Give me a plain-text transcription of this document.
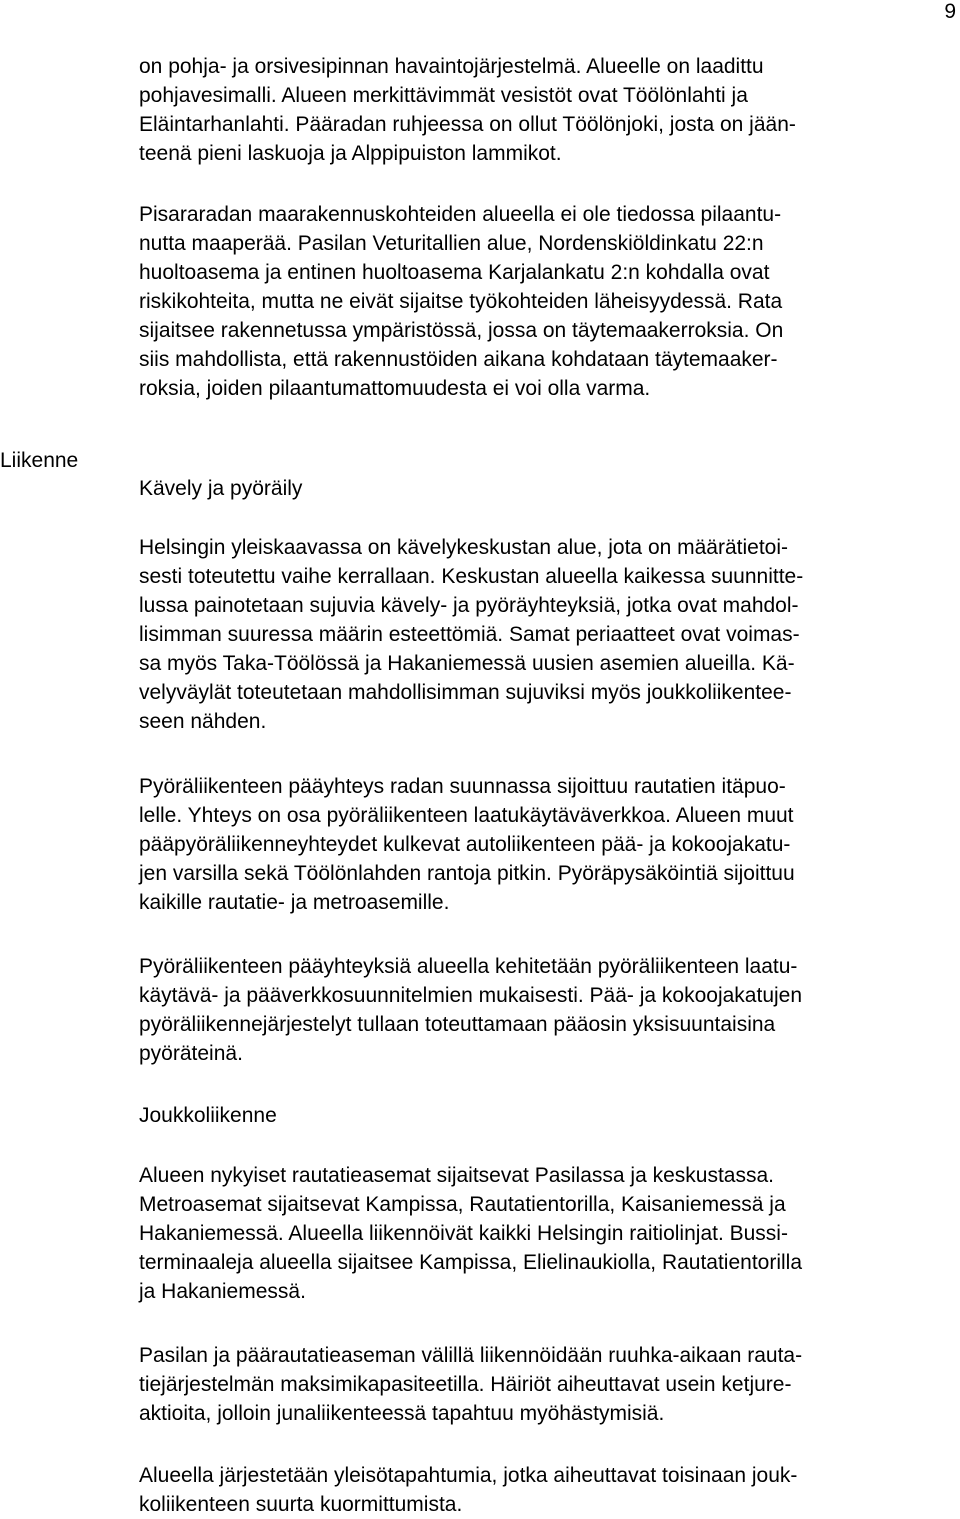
9
Liikenne

on pohja- ja orsivesipinnan havaintojärjestelmä. Alueelle on laadittu
pohjavesimalli. Alueen merkittävimmät vesistöt ovat Töölönlahti ja
Eläintarhanlahti. Pääradan ruhjeessa on ollut Töölönjoki, josta on jään-
teenä pieni laskuoja ja Alppipuiston lammikot.

Pisararadan maarakennuskohteiden alueella ei ole tiedossa pilaantu-
nutta maaperää. Pasilan Veturitallien alue, Nordenskiöldinkatu 22:n
huoltoasema ja entinen huoltoasema Karjalankatu 2:n kohdalla ovat
riskikohteita, mutta ne eivät sijaitse työkohteiden läheisyydessä. Rata
sijaitsee rakennetussa ympäristössä, jossa on täytemaakerroksia. On
siis mahdollista, että rakennustöiden aikana kohdataan täytemaaker-
roksia, joiden pilaantumattomuudesta ei voi olla varma.

Kävely ja pyöräily

Helsingin yleiskaavassa on kävelykeskustan alue, jota on määrätietoi-
sesti toteutettu vaihe kerrallaan. Keskustan alueella kaikessa suunnitte-
lussa painotetaan sujuvia kävely- ja pyöräyhteyksiä, jotka ovat mahdol-
lisimman suuressa määrin esteettömiä. Samat periaatteet ovat voimas-
sa myös Taka-Töölössä ja Hakaniemessä uusien asemien alueilla. Kä-
velyväylät toteutetaan mahdollisimman sujuviksi myös joukkoliikentee-
seen nähden.

Pyöräliikenteen pääyhteys radan suunnassa sijoittuu rautatien itäpuo-
lelle. Yhteys on osa pyöräliikenteen laatukäytäväverkkoa. Alueen muut
pääpyöräliikenneyhteydet kulkevat autoliikenteen pää- ja kokoojakatu-
jen varsilla sekä Töölönlahden rantoja pitkin. Pyöräpysäköintiä sijoittuu
kaikille rautatie- ja metroasemille.

Pyöräliikenteen pääyhteyksiä alueella kehitetään pyöräliikenteen laatu-
käytävä- ja pääverkkosuunnitelmien mukaisesti. Pää- ja kokoojakatujen
pyöräliikennejärjestelyt tullaan toteuttamaan pääosin yksisuuntaisina
pyöräteinä.

Joukkoliikenne

Alueen nykyiset rautatieasemat sijaitsevat Pasilassa ja keskustassa.
Metroasemat sijaitsevat Kampissa, Rautatientorilla, Kaisaniemessä ja
Hakaniemessä. Alueella liikennöivät kaikki Helsingin raitiolinjat. Bussi-
terminaaleja alueella sijaitsee Kampissa, Elielinaukiolla, Rautatientorilla
ja Hakaniemessä.

Pasilan ja päärautatieaseman välillä liikennöidään ruuhka-aikaan rauta-
tiejärjestelmän maksimikapasiteetilla. Häiriöt aiheuttavat usein ketjure-
aktioita, jolloin junaliikenteessä tapahtuu myöhästymisiä.

Alueella järjestetään yleisötapahtumia, jotka aiheuttavat toisinaan jouk-
koliikenteen suurta kuormittumista.
